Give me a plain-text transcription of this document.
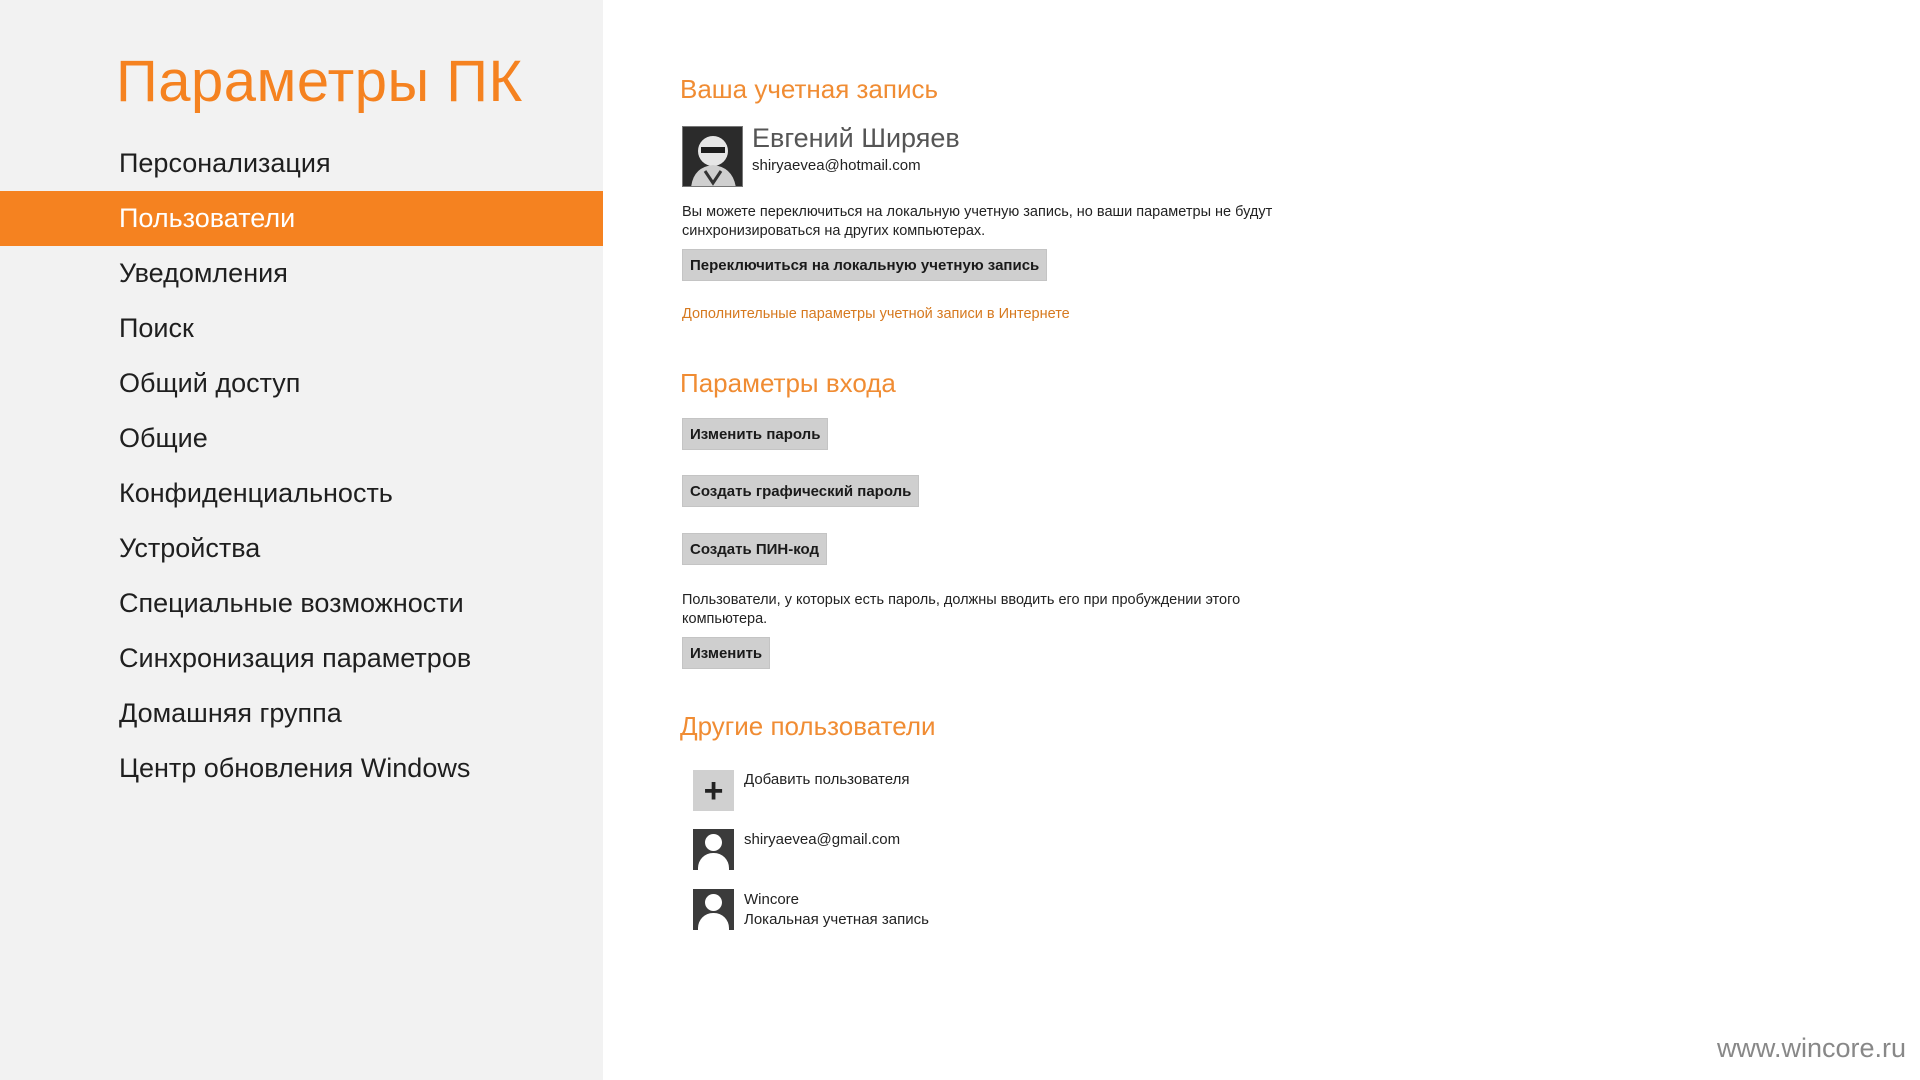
Параметры ПК
Персонализация
Пользователи
Уведомления
Поиск
Общий доступ
Общие
Конфиденциальность
Устройства
Специальные возможности
Синхронизация параметров
Домашняя группа
Центр обновления Windows
Ваша учетная запись
Евгений Ширяев
shiryaevea@hotmail.com
Вы можете переключиться на локальную учетную запись, но ваши параметры не будут синхронизироваться на других компьютерах.
Переключиться на локальную учетную запись
Дополнительные параметры учетной записи в Интернете
Параметры входа
Изменить пароль
Создать графический пароль
Создать ПИН-код
Пользователи, у которых есть пароль, должны вводить его при пробуждении этого компьютера.
Изменить
Другие пользователи
+	Добавить пользователя
shiryaevea@gmail.com
Wincore
Локальная учетная запись
www.wincore.ru
